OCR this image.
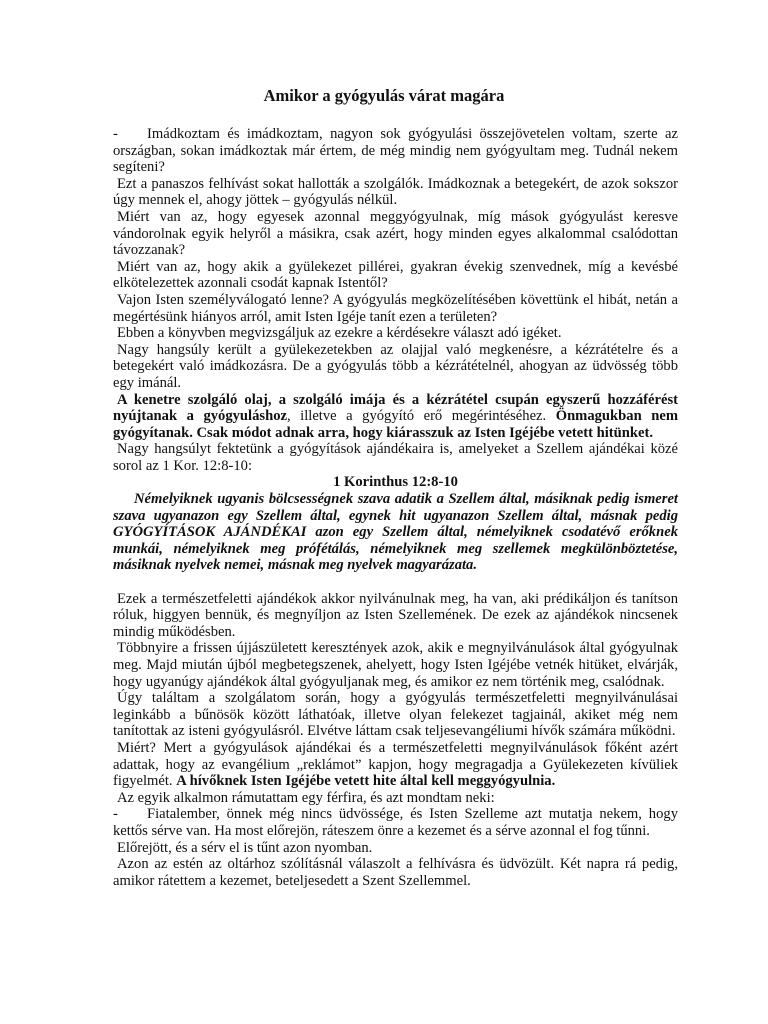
Amikor a gyógyulás várat magára

- Imádkoztam és imádkoztam, nagyon sok gyógyulási összejövetelen voltam, szerte az országban, sokan imádkoztak már értem, de még mindig nem gyógyultam meg. Tudnál nekem segíteni?

Ezt a panaszos felhívást sokat hallották a szolgálók. Imádkoznak a betegekért, de azok sokszor úgy mennek el, ahogy jöttek – gyógyulás nélkül.

Miért van az, hogy egyesek azonnal meggyógyulnak, míg mások gyógyulást keresve vándorolnak egyik helyről a másikra, csak azért, hogy minden egyes alkalommal csalódottan távozzanak?

Miért van az, hogy akik a gyülekezet pillérei, gyakran évekig szenvednek, míg a kevésbé elkötelezettek azonnali csodát kapnak Istentől?

Vajon Isten személyválogató lenne? A gyógyulás megközelítésében követtünk el hibát, netán a megértésünk hiányos arról, amit Isten Igéje tanít ezen a területen?

Ebben a könyvben megvizsgáljuk az ezekre a kérdésekre választ adó igéket.

Nagy hangsúly került a gyülekezetekben az olajjal való megkenésre, a kézrátételre és a betegekért való imádkozásra. De a gyógyulás több a kézrátételnél, ahogyan az üdvösség több egy imánál.

A kenetre szolgáló olaj, a szolgáló imája és a kézrátétel csupán egyszerű hozzáférést nyújtanak a gyógyuláshoz, illetve a gyógyító erő megérintéséhez. Önmagukban nem gyógyítanak. Csak módot adnak arra, hogy kiárasszuk az Isten Igéjébe vetett hitünket.

Nagy hangsúlyt fektetünk a gyógyítások ajándékaira is, amelyeket a Szellem ajándékai közé sorol az 1 Kor. 12:8-10:

1 Korinthus 12:8-10

Némelyiknek ugyanis bölcsességnek szava adatik a Szellem által, másiknak pedig ismeret szava ugyanazon egy Szellem által, egynek hit ugyanazon Szellem által, másnak pedig GYÓGYÍTÁSOK AJÁNDÉKAI azon egy Szellem által, némelyiknek csodatévő erőknek munkái, némelyiknek meg prófétálás, némelyiknek meg szellemek megkülönböztetése, másiknak nyelvek nemei, másnak meg nyelvek magyarázata.

Ezek a természetfeletti ajándékok akkor nyilvánulnak meg, ha van, aki prédikáljon és tanítson róluk, higgyen bennük, és megnyíljon az Isten Szellemének. De ezek az ajándékok nincsenek mindig működésben.

Többnyire a frissen újjászületett keresztények azok, akik e megnyilvánulások által gyógyulnak meg. Majd miután újból megbetegszenek, ahelyett, hogy Isten Igéjébe vetnék hitüket, elvárják, hogy ugyanúgy ajándékok által gyógyuljanak meg, és amikor ez nem történik meg, csalódnak.

Úgy találtam a szolgálatom során, hogy a gyógyulás természetfeletti megnyilvánulásai leginkább a bűnösök között láthatóak, illetve olyan felekezet tagjainál, akiket még nem tanítottak az isteni gyógyulásról. Elvétve láttam csak teljesevangéliumi hívők számára működni.

Miért? Mert a gyógyulások ajándékai és a természetfeletti megnyilvánulások főként azért adattak, hogy az evangélium „reklámot” kapjon, hogy megragadja a Gyülekezeten kívüliek figyelmét. A hívőknek Isten Igéjébe vetett hite által kell meggyógyulnia.

Az egyik alkalmon rámutattam egy férfira, és azt mondtam neki:

- Fiatalember, önnek még nincs üdvössége, és Isten Szelleme azt mutatja nekem, hogy kettős sérve van. Ha most előrejön, ráteszem önre a kezemet és a sérve azonnal el fog tűnni.

Előrejött, és a sérv el is tűnt azon nyomban.

Azon az estén az oltárhoz szólításnál válaszolt a felhívásra és üdvözült. Két napra rá pedig, amikor rátettem a kezemet, beteljesedett a Szent Szellemmel.
